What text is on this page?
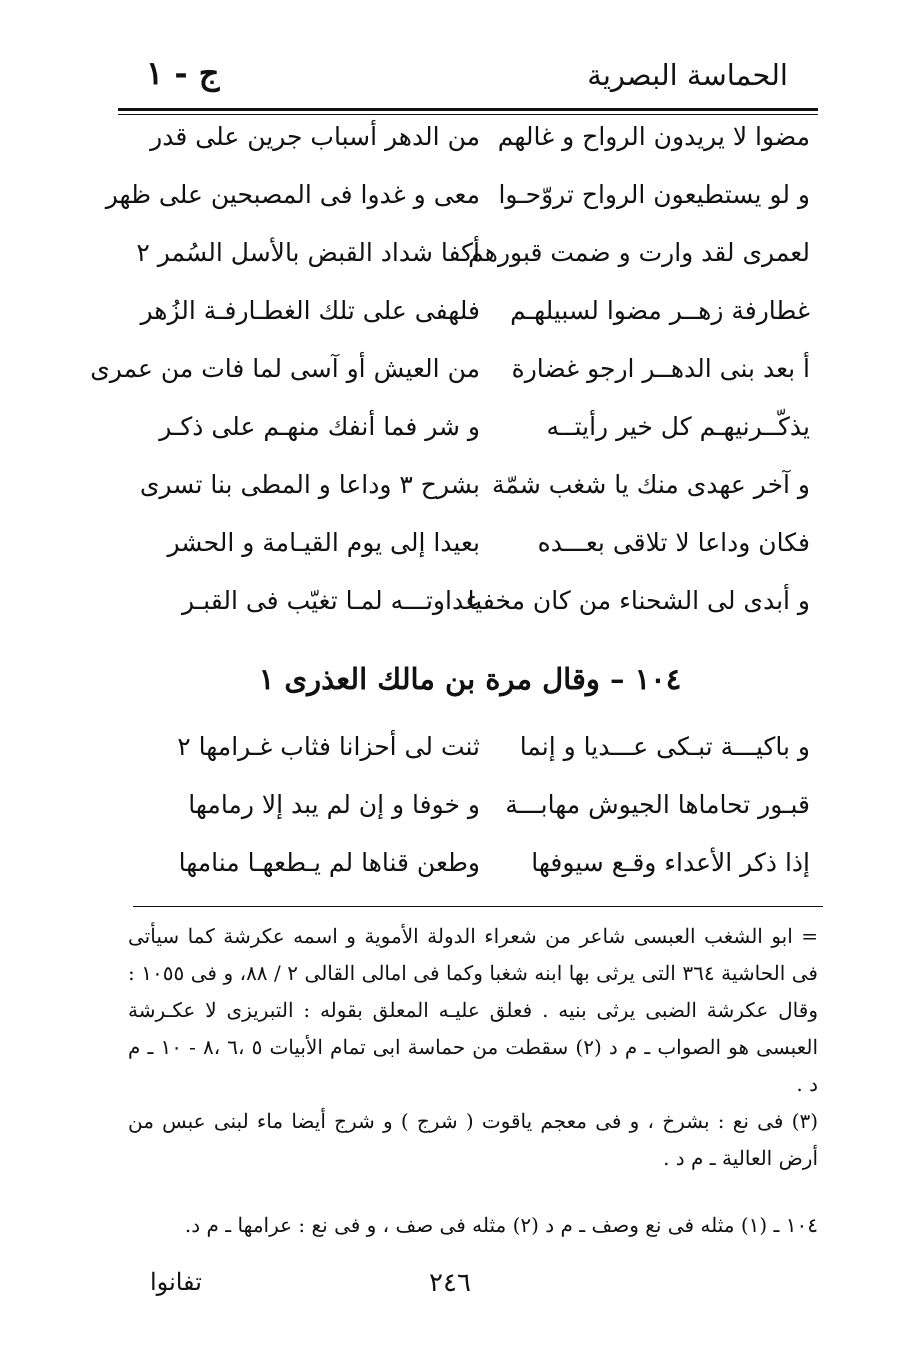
الحماسة البصرية
ج - ١
مضوا لا يريدون الرواح و غالهم
من الدهر أسباب جرين على قدر
و لو يستطيعون الرواح تروّحـوا
معى و غدوا فى المصبحين على ظهر
لعمرى لقد وارت و ضمت قبورهم
أكفا شداد القبض بالأسل السُمر ٢
غطارفة زهــر مضوا لسبيلهـم
فلهفى على تلك الغطـارفـة الزُهر
أ بعد بنى الدهــر ارجو غضارة
من العيش أو آسى لما فات من عمرى
يذكّــرنيهـم كل خير رأيتــه
و شر فما أنفك منهـم على ذكـر
و آخر عهدى منك يا شغب شمّة
بشرح ٣ وداعا و المطى بنا تسرى
فكان وداعا لا تلاقى بعـــده
بعيدا إلى يوم القيـامة و الحشر
و أبدى لى الشحناء من كان مخفيا
عداوتـــه لمـا تغيّب فى القبـر
١٠٤ – وقال مرة بن مالك العذرى ١
و باكيـــة تبـكى عـــديا و إنما
ثنت لى أحزانا فثاب غـرامها ٢
قبـور تحاماها الجيوش مهابـــة
و خوفا و إن لم يبد إلا رمامها
إذا ذكر الأعداء وقـع سيوفها
وطعن قناها لم يـطعهـا منامها

= ابو الشغب العبسى شاعر من شعراء الدولة الأموية و اسمه عكرشة كما سيأتى فى الحاشية ٣٦٤ التى يرثى بها ابنه شغبا وكما فى امالى القالى ٢ / ٨٨، و فى ١٠٥٥ : وقال عكرشة الضبى يرثى بنيه . فعلق عليـه المعلق بقوله : التبريزى لا عكـرشة العبسى هو الصواب ـ م د (٢) سقطت من حماسة ابى تمام الأبيات ٥ ،٦ ،٨ - ١٠ ـ م د .

(٣) فى نع : بشرخ ، و فى معجم ياقوت ( شرج ) و شرج أيضا ماء لبنى عبس من أرض العالية ـ م د .

١٠٤ ـ (١) مثله فى نع وصف ـ م د (٢) مثله فى صف ، و فى نع : عرامها ـ م د.
٢٤٦
تفانوا
